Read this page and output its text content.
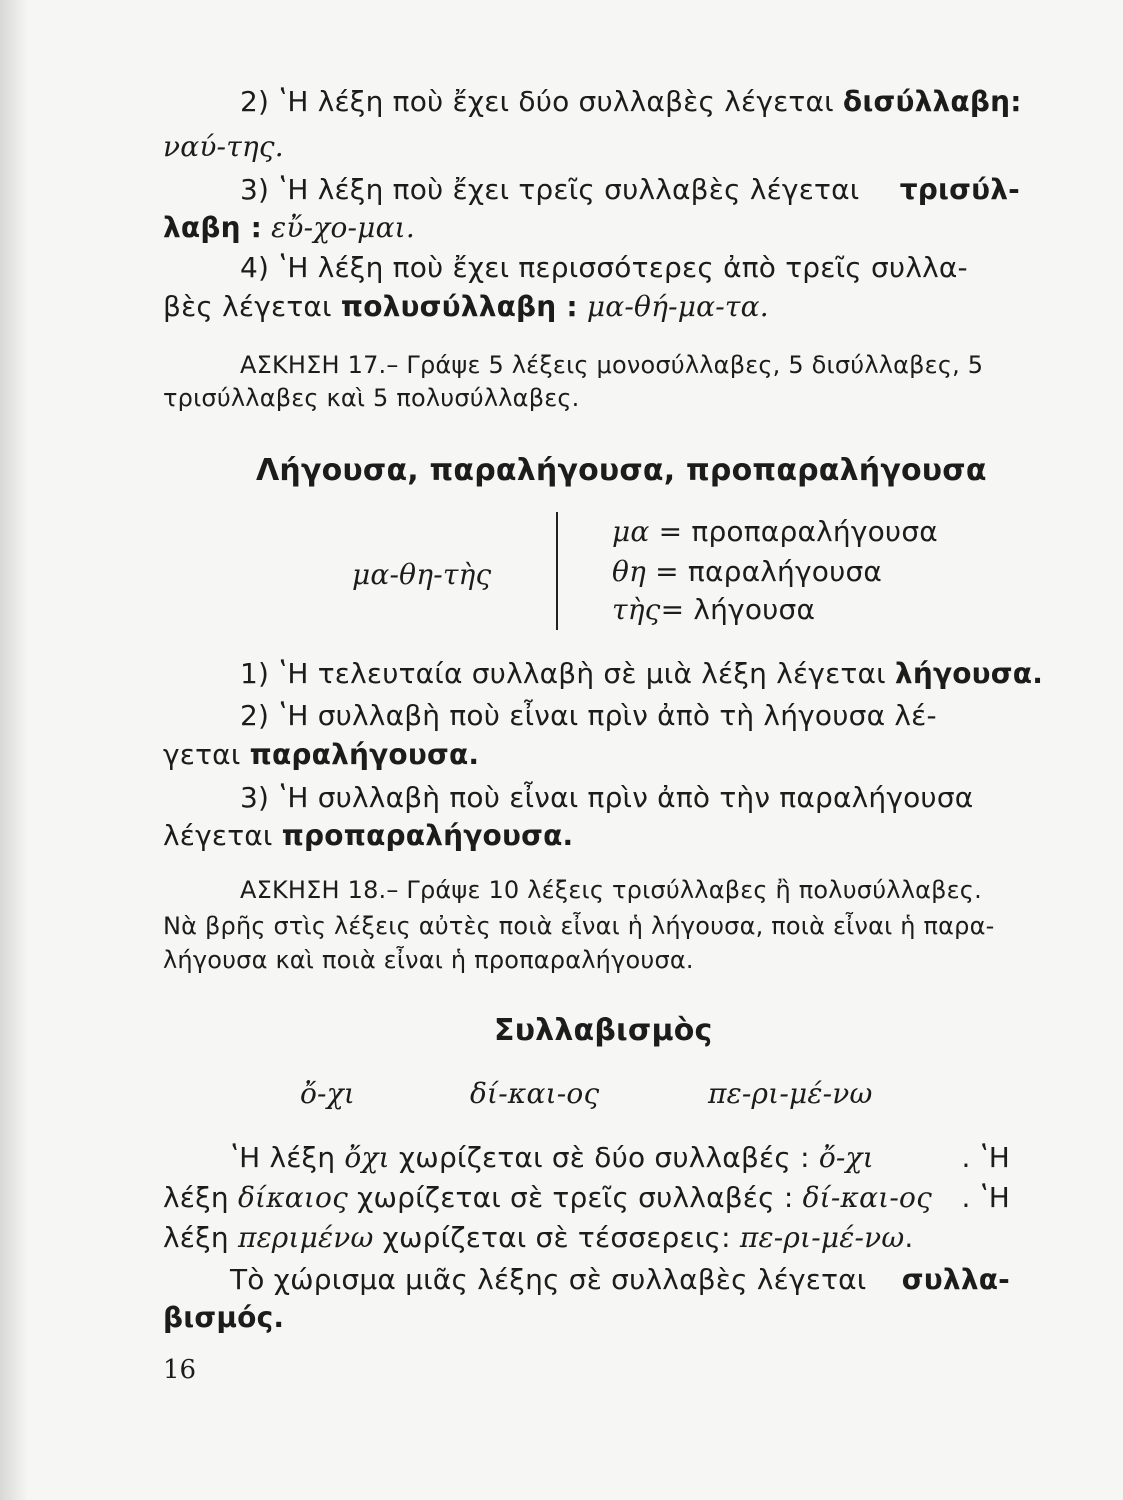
2) ʽΗ λέξη ποὺ ἔχει δύο συλλαβὲς λέγεται δισύλλαβη :
ναύ-της.
3) ʽΗ λέξη ποὺ ἔχει τρεῖς συλλαβὲς λέγεται τρισύλ-
λαβη : εὔ-χο-μαι.
4) ʽΗ λέξη ποὺ ἔχει περισσότερες ἀπὸ τρεῖς συλλα-
βὲς λέγεται πολυσύλλαβη : μα-θή-μα-τα.
ΑΣΚΗΣΗ 17.– Γράψε 5 λέξεις μονοσύλλαβες, 5 δισύλλαβες, 5
τρισύλλαβες καὶ 5 πολυσύλλαβες.
Λήγουσα, παραλήγουσα, προπαραλήγουσα
μα-θη-τὴς
μα = προπαραλήγουσα
θη = παραλήγουσα
τὴς= λήγουσα
1) ʽΗ τελευταία συλλαβὴ σὲ μιὰ λέξη λέγεται λήγουσα.
2) ʽΗ συλλαβὴ ποὺ εἶναι πρὶν ἀπὸ τὴ λήγουσα λέ-
γεται παραλήγουσα.
3) ʽΗ συλλαβὴ ποὺ εἶναι πρὶν ἀπὸ τὴν παραλήγουσα
λέγεται προπαραλήγουσα.
ΑΣΚΗΣΗ 18.– Γράψε 10 λέξεις τρισύλλαβες ἢ πολυσύλλαβες.
Νὰ βρῆς στὶς λέξεις αὐτὲς ποιὰ εἶναι ἡ λήγουσα, ποιὰ εἶναι ἡ παρα-
λήγουσα καὶ ποιὰ εἶναι ἡ προπαραλήγουσα.
Συλλαβισμὸς
ὄ-χι	δί-και-ος	πε-ρι-μέ-νω
ʽΗ λέξη ὄχι χωρίζεται σὲ δύο συλλαβές : ὄ-χι	. ʽΗ
λέξη δίκαιος χωρίζεται σὲ τρεῖς συλλαβές : δί-και-ος . ʽΗ
λέξη περιμένω χωρίζεται σὲ τέσσερεις: πε-ρι-μέ-νω.
Τὸ χώρισμα μιᾶς λέξης σὲ συλλαβὲς λέγεται συλλα-
βισμός.
16
